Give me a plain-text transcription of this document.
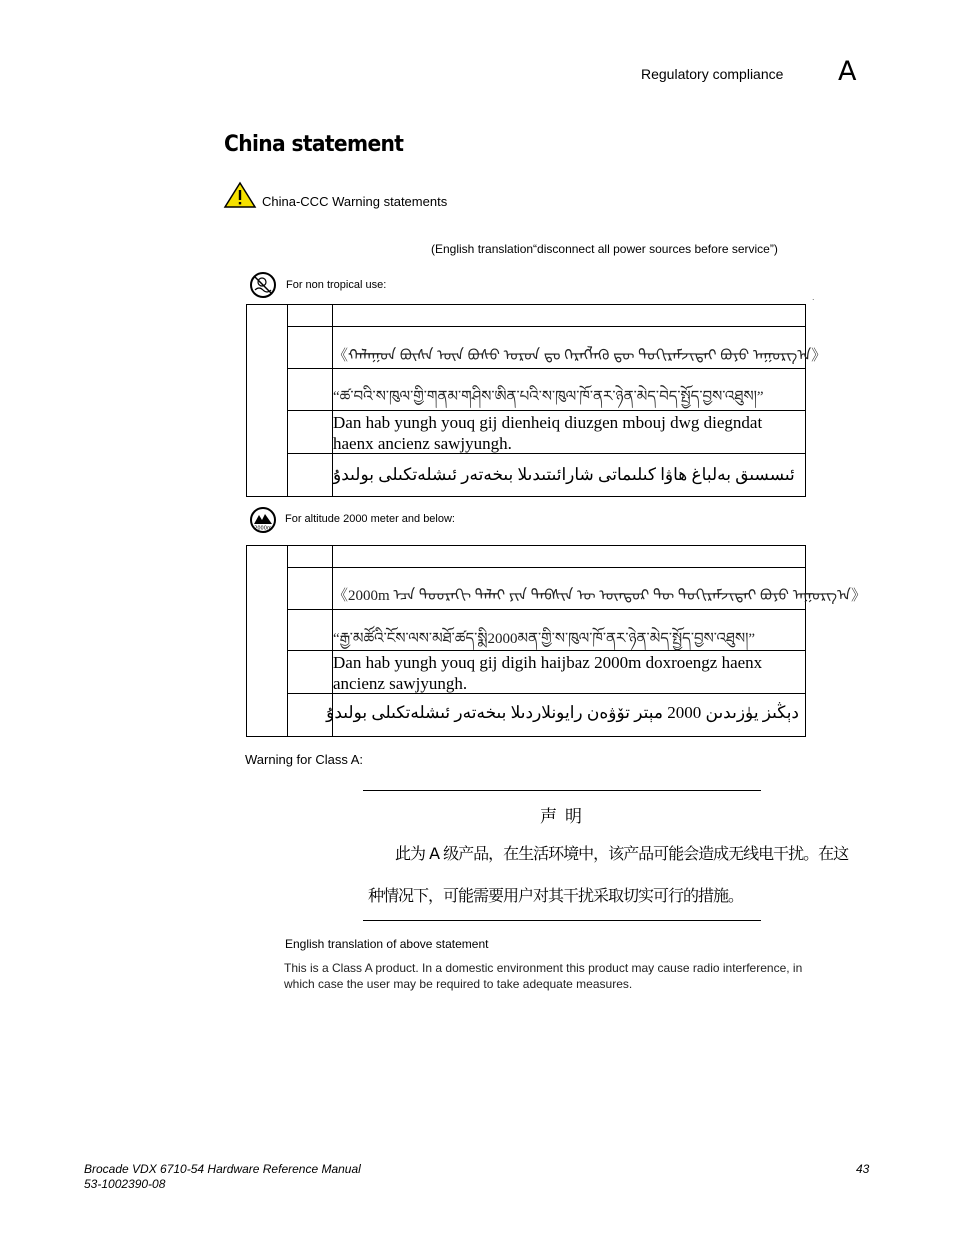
Regulatory compliance A
China statement
China-CCC Warning statements
(English translation“disconnect all power sources before service”)
For non tropical use:
.
《ᠬᠠᠯᠠᠭᠤᠨ ᠪᠦᠰᠡ ᠦᠨ ᠪᠤᠰᠤ ᠣᠷᠣᠨ ᠳᠤ ᠬᠡᠷᠡᠭᠯᠡᠬᠦ ᠳᠦ ᠲᠣᠬᠢᠷᠠᠮᠵᠢᠲᠠᠢ ᠪᠤᠶᠤ ᠠᠭᠤᠷᠭ᠎ᠠ》
“ཚ་བའི་ས་ཁུལ་གྱི་གནམ་གཤིས་ཨིན་པའི་ས་ཁུལ་ཁོ་ནར་ཉེན་མེད་བེད་སྤྱོད་བྱས་འཐུས།”
Dan hab yungh youq gij dienheiq diuzgen mbouj dwg diegndat haenx ancienz sawjyungh.
ئىسسىق بەلباغ ھاۋا كىلىماتى شارائىتىدىلا بىخەتەر ئىشلەتكىلى بولىدۇ
2000m
For altitude 2000 meter and below:
《2000m ᠡᠴᠡ ᠳᠣᠣᠷᠠᠬᠢ ᠳᠠᠯᠠᠢ ᠶᠢᠨ ᠲᠡᠪᠰᠢᠨ ᠦ ᠥᠨᠳᠦᠷ ᠲᠦ ᠲᠣᠬᠢᠷᠠᠮᠵᠢᠲᠠᠢ ᠪᠤᠶᠤ ᠠᠭᠤᠷᠭ᠎ᠠ》
“རྒྱ་མཚོའི་ངོས་ལས་མཐོ་ཚད་སྨི2000མན་གྱི་ས་ཁུལ་ཁོ་ནར་ཉེན་མེད་སྤྱོད་བྱས་འཐུས།”
Dan hab yungh youq gij digih haijbaz 2000m doxroengz haenx ancienz sawjyungh.
دېڭىز يۈزىدىن 2000 مېتر تۆۋەن رايونلاردىلا بىخەتەر ئىشلەتكىلى بولىدۇ
Warning for Class A:
声明
此为 A 级产品，在生活环境中，该产品可能会造成无线电干扰。在这
种情况下，可能需要用户对其干扰采取切实可行的措施。
English translation of above statement
This is a Class A product. In a domestic environment this product may cause radio interference, in which case the user may be required to take adequate measures.
Brocade VDX 6710-54 Hardware Reference Manual
53-1002390-08
43
